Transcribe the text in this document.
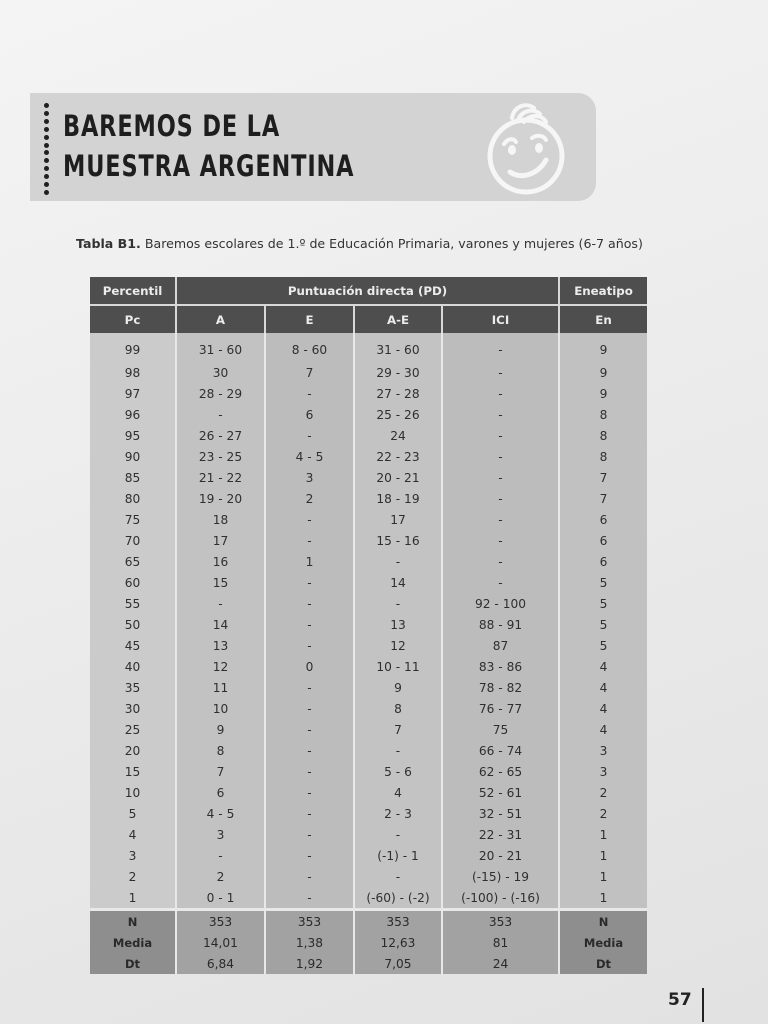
BAREMOS DE LA
MUESTRA ARGENTINA
Tabla B1. Baremos escolares de 1.º de Educación Primaria, varones y mujeres (6-7 años)
Percentil	Puntuación directa (PD)				Eneatipo
Pc	A	E	A-E	ICI	En
99	31 - 60	8 - 60	31 - 60	-	9
98	30	7	29 - 30	-	9
97	28 - 29	-	27 - 28	-	9
96	-	6	25 - 26	-	8
95	26 - 27	-	24	-	8
90	23 - 25	4 - 5	22 - 23	-	8
85	21 - 22	3	20 - 21	-	7
80	19 - 20	2	18 - 19	-	7
75	18	-	17	-	6
70	17	-	15 - 16	-	6
65	16	1	-	-	6
60	15	-	14	-	5
55	-	-	-	92 - 100	5
50	14	-	13	88 - 91	5
45	13	-	12	87	5
40	12	0	10 - 11	83 - 86	4
35	11	-	9	78 - 82	4
30	10	-	8	76 - 77	4
25	9	-	7	75	4
20	8	-	-	66 - 74	3
15	7	-	5 - 6	62 - 65	3
10	6	-	4	52 - 61	2
5	4 - 5	-	2 - 3	32 - 51	2
4	3	-	-	22 - 31	1
3	-	-	(-1) - 1	20 - 21	1
2	2	-	-	(-15) - 19	1
1	0 - 1	-	(-60) - (-2)	(-100) - (-16)	1
N	353	353	353	353	N
Media	14,01	1,38	12,63	81	Media
Dt	6,84	1,92	7,05	24	Dt
57
